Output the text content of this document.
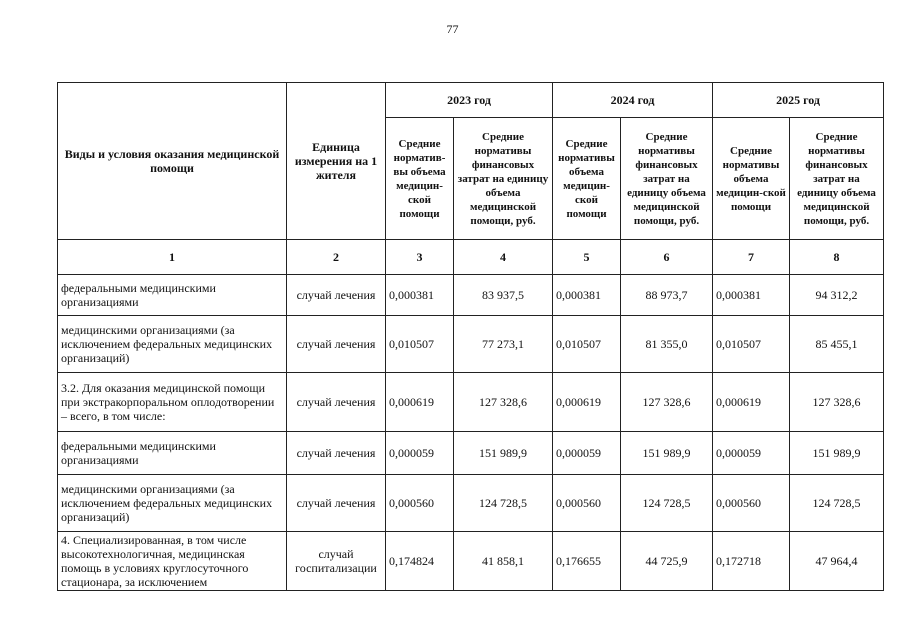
77
Виды и условия оказания медицинской помощи	Единица измерения на 1 жителя	2023 год		2024 год		2025 год	
		Средние норматив-вы объема медицин-ской помощи	Средние нормативы финансовых затрат на единицу объема медицинской помощи, руб.	Средние нормативы объема медицин-ской помощи	Средние нормативы финансовых затрат на единицу объема медицинской помощи, руб.	Средние нормативы объема медицин-ской помощи	Средние нормативы финансовых затрат на единицу объема медицинской помощи, руб.
1	2	3	4	5	6	7	8
федеральными медицинскими организациями	случай лечения	0,000381	83 937,5	0,000381	88 973,7	0,000381	94 312,2
медицинскими организациями (за исключением федеральных медицинских организаций)	случай лечения	0,010507	77 273,1	0,010507	81 355,0	0,010507	85 455,1
3.2. Для оказания медицинской помощи при экстракорпоральном оплодотворении – всего, в том числе:	случай лечения	0,000619	127 328,6	0,000619	127 328,6	0,000619	127 328,6
федеральными медицинскими организациями	случай лечения	0,000059	151 989,9	0,000059	151 989,9	0,000059	151 989,9
медицинскими организациями (за исключением федеральных медицинских организаций)	случай лечения	0,000560	124 728,5	0,000560	124 728,5	0,000560	124 728,5
4. Специализированная, в том числе высокотехнологичная, медицинская помощь в условиях круглосуточного стационара, за исключением	случай госпитализации	0,174824	41 858,1	0,176655	44 725,9	0,172718	47 964,4
